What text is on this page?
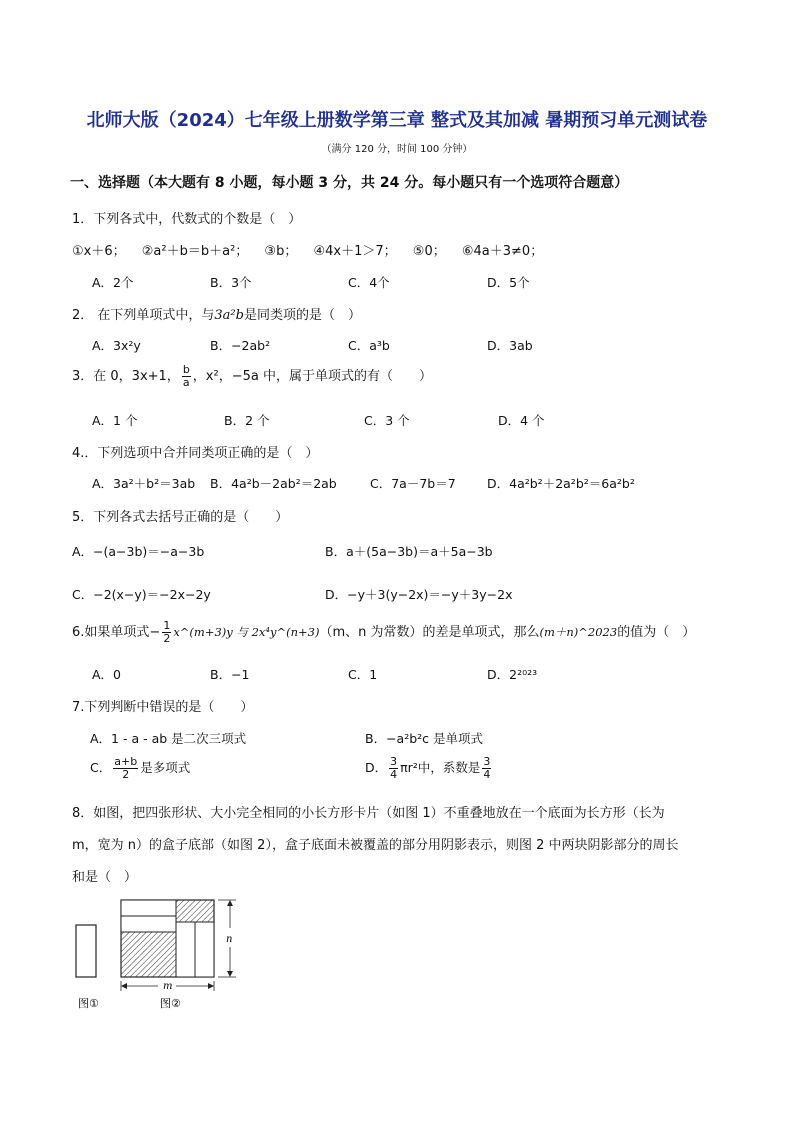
北师大版（2024）七年级上册数学第三章 整式及其加减 暑期预习单元测试卷
（满分 120 分，时间 100 分钟）
一、选择题（本大题有 8 小题，每小题 3 分，共 24 分。每小题只有一个选项符合题意）
1．下列各式中，代数式的个数是（　）
①x＋6； ②a²＋b＝b＋a²； ③b； ④4x＋1＞7； ⑤0； ⑥4a＋3≠0；
A．2个	B．3个	C．4个	D．5个
2． 在下列单项式中，与3a²b是同类项的是（　）
A．3x²y	B．−2ab²	C．a³b	D．3ab
3．在 0，3x+1， $\frac{b}{a}$ ，x²，−5a 中，属于单项式的有（　　）
A．1 个	B．2 个	C．3 个	D．4 个
4.．下列选项中合并同类项正确的是（　）
A．3a²＋b²＝3ab B．4a²b－2ab²＝2ab	C．7a－7b＝7	D．4a²b²＋2a²b²＝6a²b²
5．下列各式去括号正确的是（　　）
A．−(a−3b)＝−a−3b	B．a＋(5a−3b)＝a＋5a−3b
C．−2(x−y)＝−2x−2y	D．−y＋3(y−2x)＝−y＋3y−2x
6.如果单项式− $\frac{1}{2}$ x^(m+3)y 与 2x⁴y^(n+3)（m、n 为常数）的差是单项式，那么(m＋n)^2023的值为（　）
A．0	B．−1	C．1	D．2²⁰²³
7.下列判断中错误的是（　　）
A．1 - a - ab 是二次三项式	B．−a²b²c 是单项式
C． $\frac{a+b}{2}$ 是多项式	D． $\frac{3}{4} \pi r^2$中，系数是 $\frac{3}{4}$
8．如图，把四张形状、大小完全相同的小长方形卡片（如图 1）不重叠地放在一个底面为长方形（长为
m，宽为 n）的盒子底部（如图 2），盒子底面未被覆盖的部分用阴影表示，则图 2 中两块阴影部分的周长
和是（　）
n
m
图①	图②
